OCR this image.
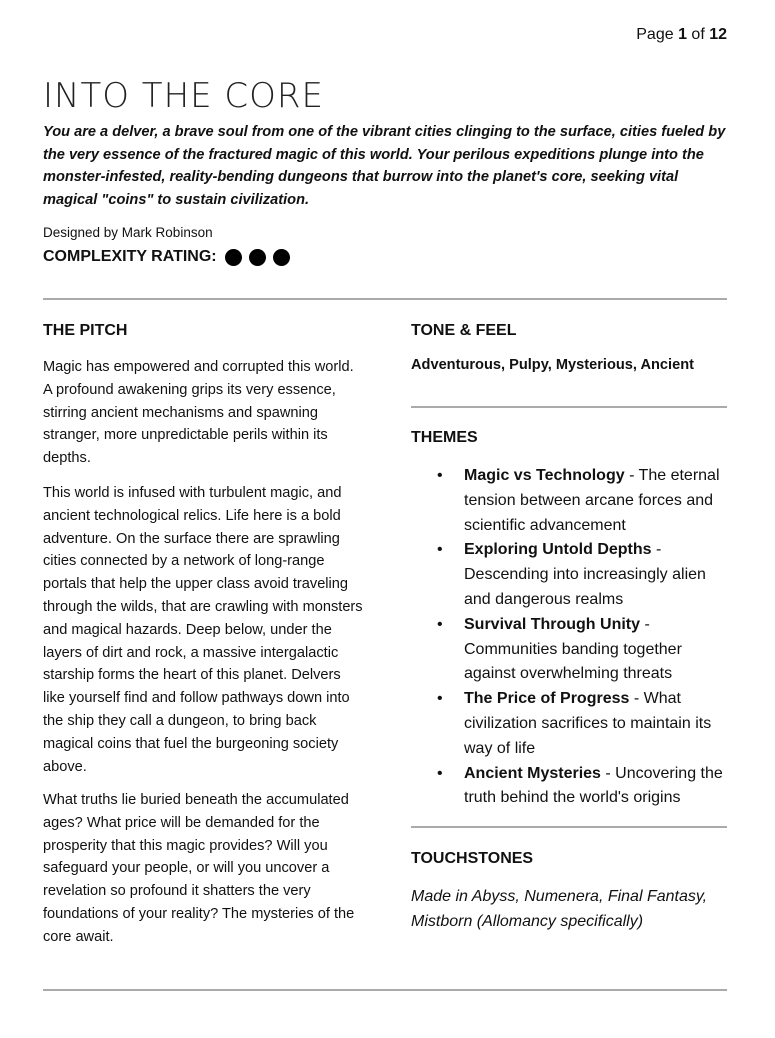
Page 1 of 12
INTO THE CORE

You are a delver, a brave soul from one of the vibrant cities clinging to the surface, cities fueled by the very essence of the fractured magic of this world. Your perilous expeditions plunge into the monster-infested, reality-bending dungeons that burrow into the planet's core, seeking vital magical "coins" to sustain civilization.

Designed by Mark Robinson
COMPLEXITY RATING:
THE PITCH

Magic has empowered and corrupted this world. A profound awakening grips its very essence, stirring ancient mechanisms and spawning stranger, more unpredictable perils within its depths.

This world is infused with turbulent magic, and ancient technological relics. Life here is a bold adventure. On the surface there are sprawling cities connected by a network of long-range portals that help the upper class avoid traveling through the wilds, that are crawling with monsters and magical hazards. Deep below, under the layers of dirt and rock, a massive intergalactic starship forms the heart of this planet. Delvers like yourself find and follow pathways down into the ship they call a dungeon, to bring back magical coins that fuel the burgeoning society above.

What truths lie buried beneath the accumulated ages? What price will be demanded for the prosperity that this magic provides? Will you safeguard your people, or will you uncover a revelation so profound it shatters the very foundations of your reality? The mysteries of the core await.

TONE & FEEL
Adventurous, Pulpy, Mysterious, Ancient
THEMES
• Magic vs Technology - The eternal tension between arcane forces and scientific advancement
• Exploring Untold Depths - Descending into increasingly alien and dangerous realms
• Survival Through Unity - Communities banding together against overwhelming threats
• The Price of Progress - What civilization sacrifices to maintain its way of life
• Ancient Mysteries - Uncovering the truth behind the world's origins
TOUCHSTONES

Made in Abyss, Numenera, Final Fantasy, Mistborn (Allomancy specifically)
